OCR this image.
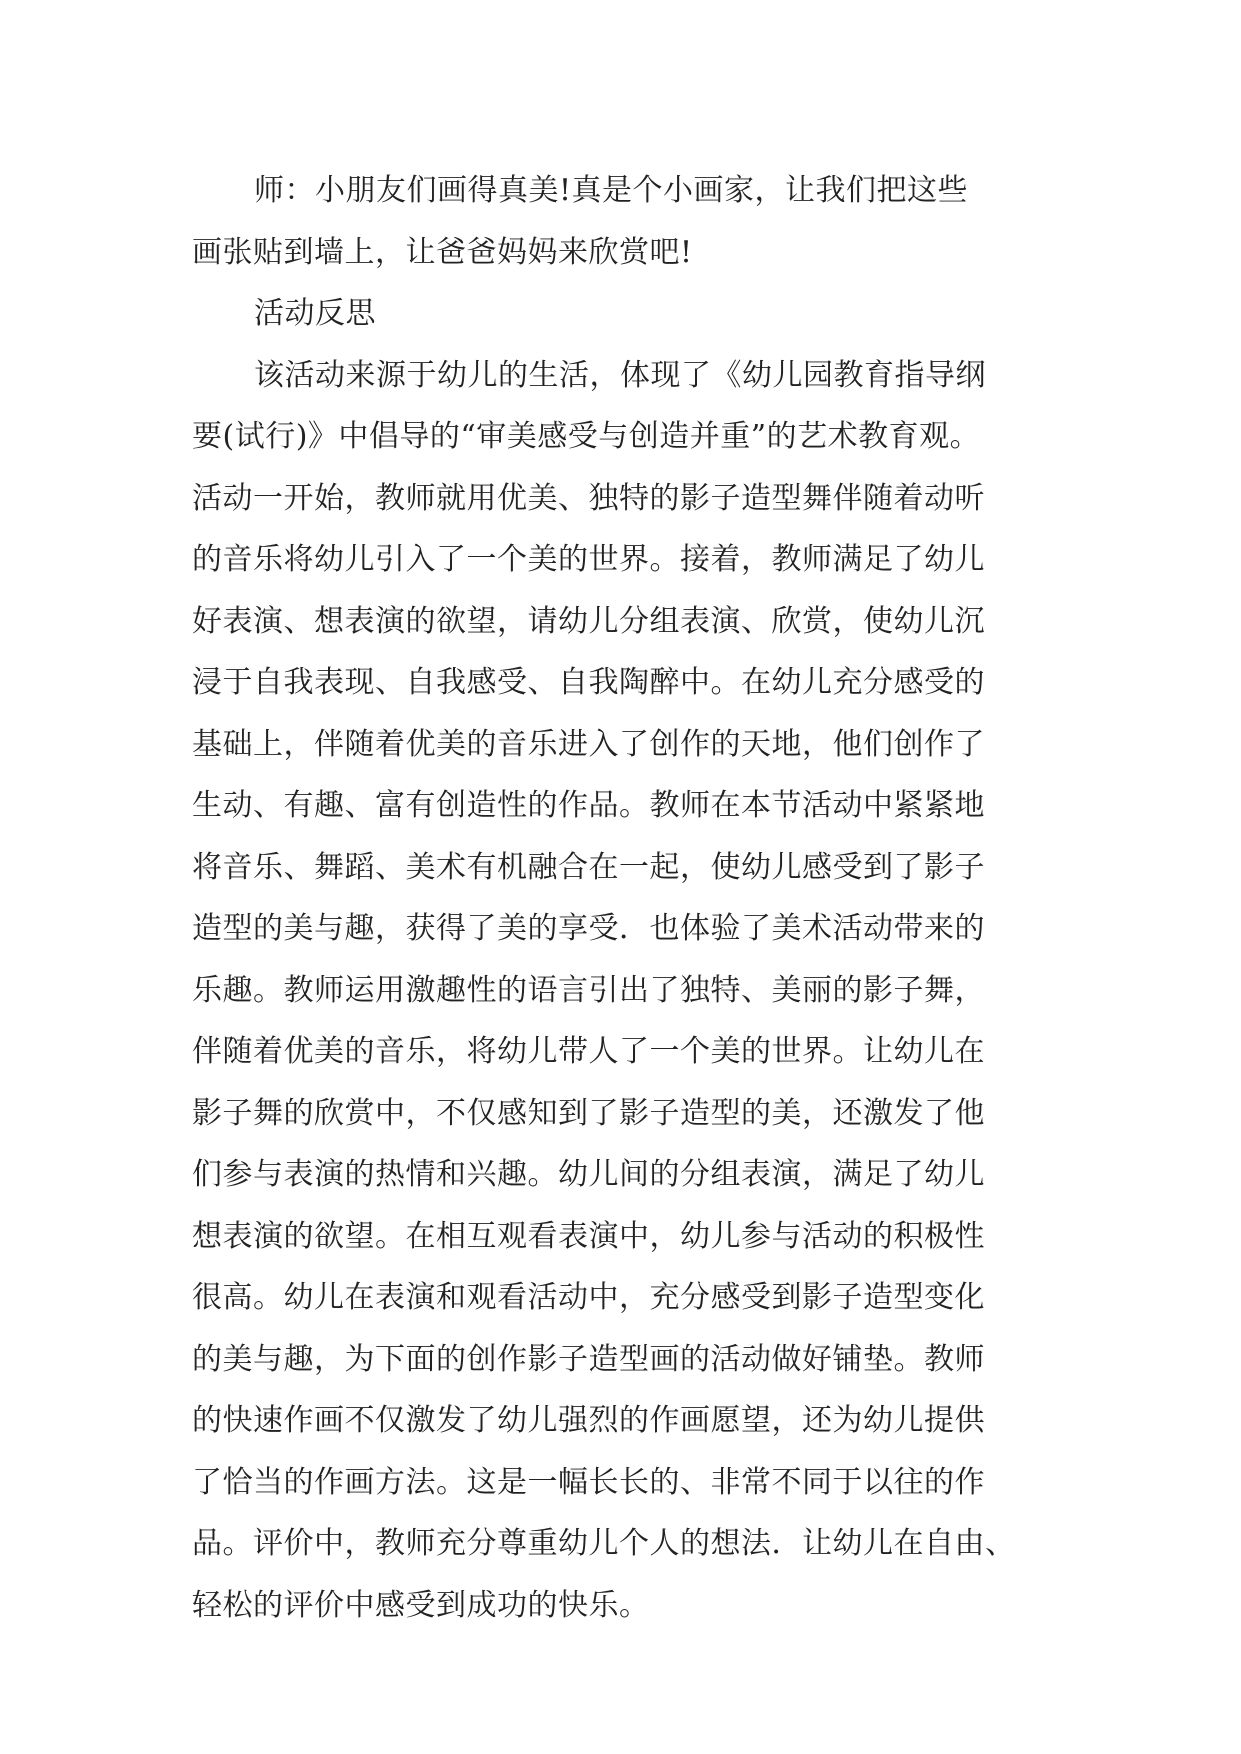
师：小朋友们画得真美!真是个小画家，让我们把这些
画张贴到墙上，让爸爸妈妈来欣赏吧!
活动反思
该活动来源于幼儿的生活，体现了《幼儿园教育指导纲
要(试行)》中倡导的“审美感受与创造并重”的艺术教育观。
活动一开始，教师就用优美、独特的影子造型舞伴随着动听
的音乐将幼儿引入了一个美的世界。接着，教师满足了幼儿
好表演、想表演的欲望，请幼儿分组表演、欣赏，使幼儿沉
浸于自我表现、自我感受、自我陶醉中。在幼儿充分感受的
基础上，伴随着优美的音乐进入了创作的天地，他们创作了
生动、有趣、富有创造性的作品。教师在本节活动中紧紧地
将音乐、舞蹈、美术有机融合在一起，使幼儿感受到了影子
造型的美与趣，获得了美的享受．也体验了美术活动带来的
乐趣。教师运用激趣性的语言引出了独特、美丽的影子舞，
伴随着优美的音乐，将幼儿带人了一个美的世界。让幼儿在
影子舞的欣赏中，不仅感知到了影子造型的美，还激发了他
们参与表演的热情和兴趣。幼儿间的分组表演，满足了幼儿
想表演的欲望。在相互观看表演中，幼儿参与活动的积极性
很高。幼儿在表演和观看活动中，充分感受到影子造型变化
的美与趣，为下面的创作影子造型画的活动做好铺垫。教师
的快速作画不仅激发了幼儿强烈的作画愿望，还为幼儿提供
了恰当的作画方法。这是一幅长长的、非常不同于以往的作
品。评价中，教师充分尊重幼儿个人的想法．让幼儿在自由、
轻松的评价中感受到成功的快乐。
